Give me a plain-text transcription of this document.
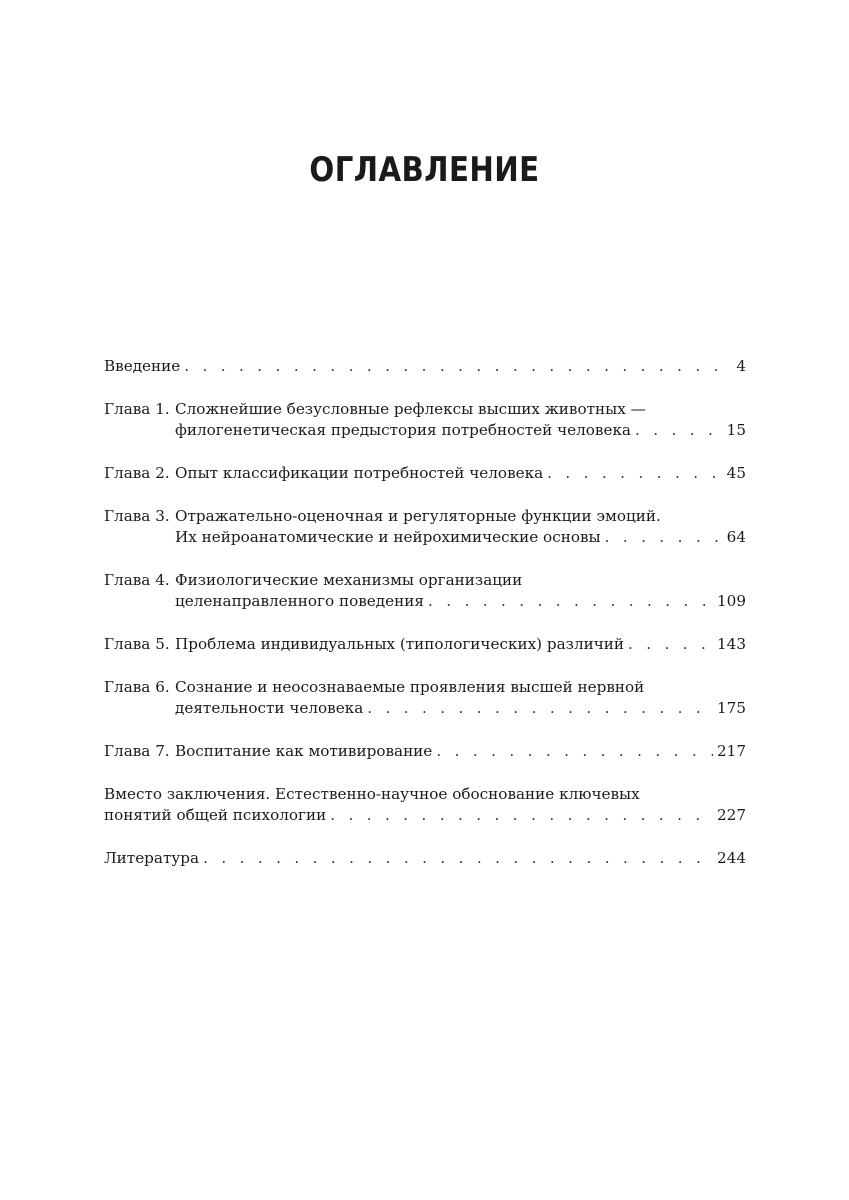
ОГЛАВЛЕНИЕ
Введение . . .	4
Глава 1. Сложнейшие безусловные рефлексы высших животных —
филогенетическая предыстория потребностей человека . . .	15
Глава 2. Опыт классификации потребностей человека . . .	45
Глава 3. Отражательно-оценочная и регуляторные функции эмоций.
Их нейроанатомические и нейрохимические основы . . .	64
Глава 4. Физиологические механизмы организации
целенаправленного поведения . . .	109
Глава 5. Проблема индивидуальных (типологических) различий . . .	143
Глава 6. Сознание и неосознаваемые проявления высшей нервной
деятельности человека . . .	175
Глава 7. Воспитание как мотивирование . . .	217
Вместо заключения. Естественно-научное обоснование ключевых
понятий общей психологии . . .	227
Литература . . .	244
